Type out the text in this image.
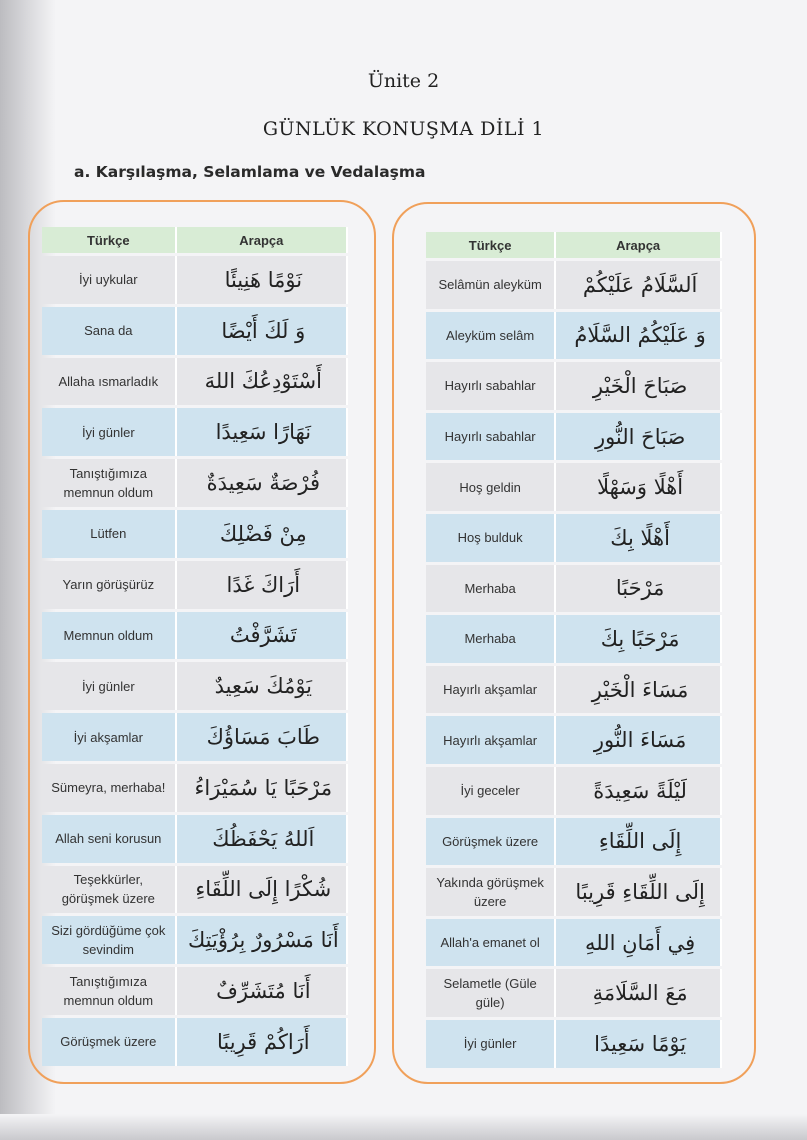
Ünite 2
GÜNLÜK KONUŞMA DİLİ 1
a. Karşılaşma, Selamlama ve Vedalaşma
Türkçe	Arapça
İyi uykular	نَوْمًا هَنِيئًا
Sana da	وَ لَكَ أَيْضًا
Allaha ısmarladık	أَسْتَوْدِعُكَ اللهَ
İyi günler	نَهَارًا سَعِيدًا
Tanıştığımıza memnun oldum	فُرْصَةٌ سَعِيدَةٌ
Lütfen	مِنْ فَضْلِكَ
Yarın görüşürüz	أَرَاكَ غَدًا
Memnun oldum	تَشَرَّفْتُ
İyi günler	يَوْمُكَ سَعِيدٌ
İyi akşamlar	طَابَ مَسَاؤُكَ
Sümeyra, merhaba!	مَرْحَبًا يَا سُمَيْرَاءُ
Allah seni korusun	اَللهُ يَحْفَظُكَ
Teşekkürler, görüşmek üzere	شُكْرًا إِلَى اللِّقَاءِ
Sizi gördüğüme çok sevindim	أَنَا مَسْرُورٌ بِرُؤْيَتِكَ
Tanıştığımıza memnun oldum	أَنَا مُتَشَرِّفٌ
Görüşmek üzere	أَرَاكُمْ قَرِيبًا
Türkçe	Arapça
Selâmün aleyküm	اَلسَّلَامُ عَلَيْكُمْ
Aleyküm selâm	وَ عَلَيْكُمُ السَّلَامُ
Hayırlı sabahlar	صَبَاحَ الْخَيْرِ
Hayırlı sabahlar	صَبَاحَ النُّورِ
Hoş geldin	أَهْلًا وَسَهْلًا
Hoş bulduk	أَهْلًا بِكَ
Merhaba	مَرْحَبًا
Merhaba	مَرْحَبًا بِكَ
Hayırlı akşamlar	مَسَاءَ الْخَيْرِ
Hayırlı akşamlar	مَسَاءَ النُّورِ
İyi geceler	لَيْلَةً سَعِيدَةً
Görüşmek üzere	إِلَى اللِّقَاءِ
Yakında görüşmek üzere	إِلَى اللِّقَاءِ قَرِيبًا
Allah'a emanet ol	فِي أَمَانِ اللهِ
Selametle (Güle güle)	مَعَ السَّلَامَةِ
İyi günler	يَوْمًا سَعِيدًا
